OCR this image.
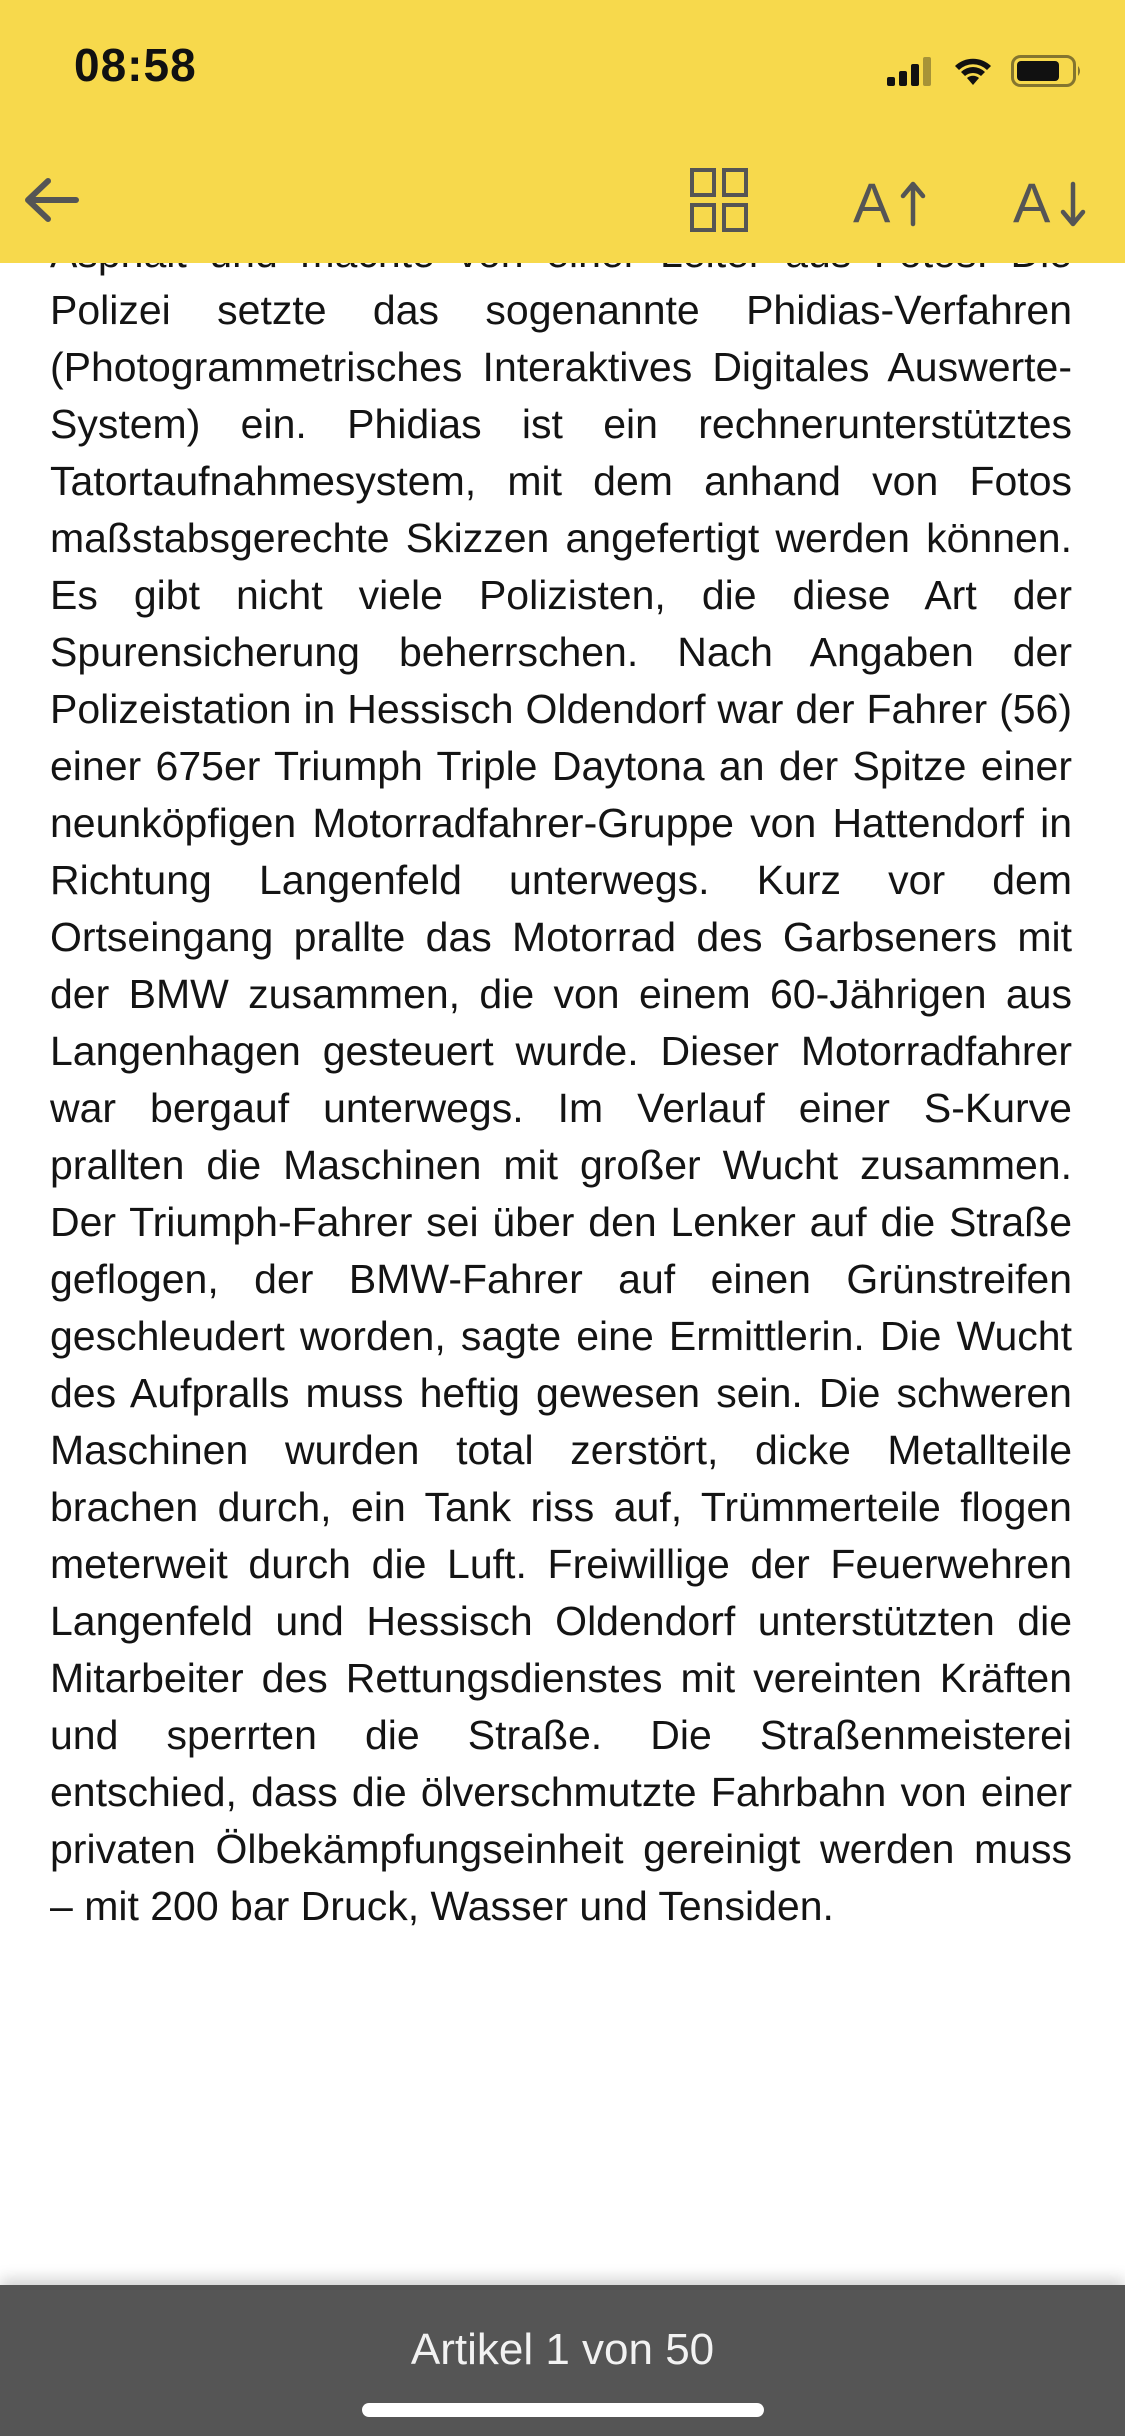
Polizei setzte das sogenannte Phidias-Verfahren (Photogrammetrisches Interaktives Digitales Auswerte-System) ein. Phidias ist ein rechnerunterstütztes Tatortaufnahmesystem, mit dem anhand von Fotos maßstabsgerechte Skizzen angefertigt werden können. Es gibt nicht viele Polizisten, die diese Art der Spurensicherung beherrschen. Nach Angaben der Polizeistation in Hessisch Oldendorf war der Fahrer (56) einer 675er Triumph Triple Daytona an der Spitze einer neunköpfigen Motorradfahrer-Gruppe von Hattendorf in Richtung Langenfeld unterwegs. Kurz vor dem Ortseingang prallte das Motorrad des Garbseners mit der BMW zusammen, die von einem 60-Jährigen aus Langenhagen gesteuert wurde. Dieser Motorradfahrer war bergauf unterwegs. Im Verlauf einer S-Kurve prallten die Maschinen mit großer Wucht zusammen. Der Triumph-Fahrer sei über den Lenker auf die Straße geflogen, der BMW-Fahrer auf einen Grünstreifen geschleudert worden, sagte eine Ermittlerin. Die Wucht des Aufpralls muss heftig gewesen sein. Die schweren Maschinen wurden total zerstört, dicke Metallteile brachen durch, ein Tank riss auf, Trümmerteile flogen meterweit durch die Luft. Freiwillige der Feuerwehren Langenfeld und Hessisch Oldendorf unterstützten die Mitarbeiter des Rettungsdienstes mit vereinten Kräften und sperrten die Straße. Die Straßenmeisterei entschied, dass die ölverschmutzte Fahrbahn von einer privaten Ölbekämpfungseinheit gereinigt werden muss – mit 200 bar Druck, Wasser und Tensiden.

08:58
A A
Artikel 1 von 50
